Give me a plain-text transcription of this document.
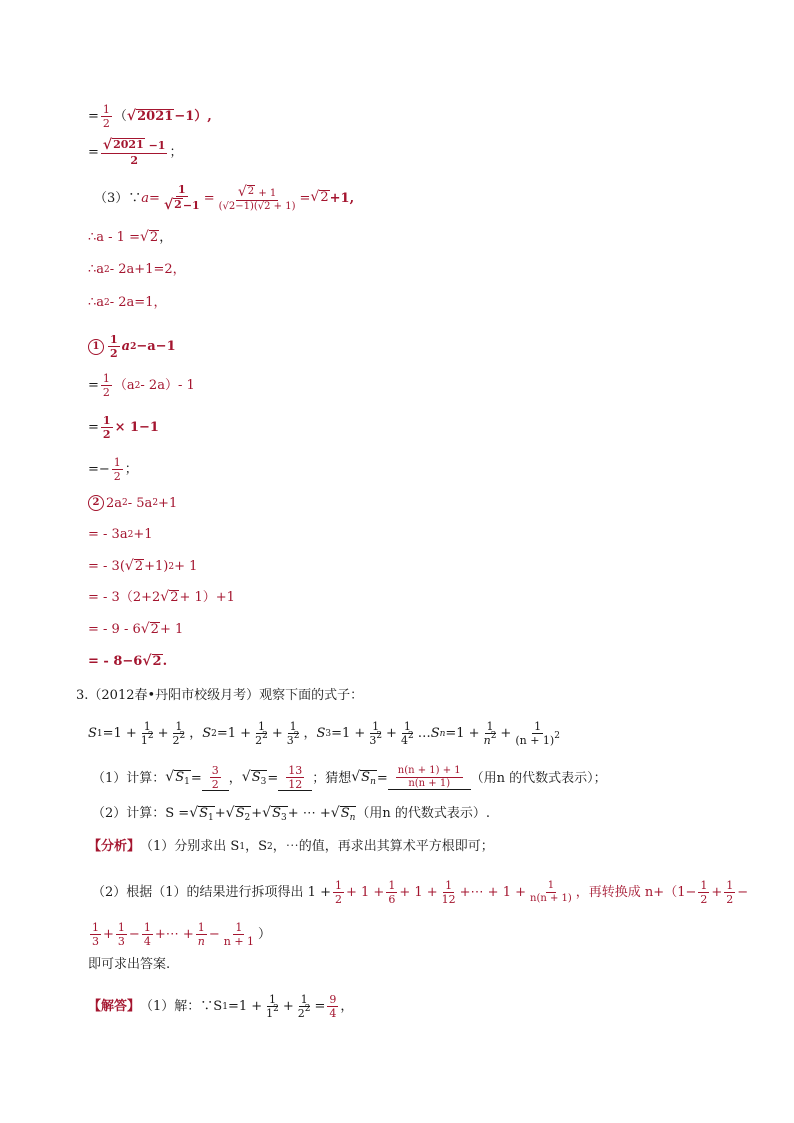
= $\frac{1}{2}$ （ √ 2021 −1）,
= $\frac{√ 2021 -1}{2}$ ；
（3）∵ $a = \frac{1}{√ 2 -1} = \frac{√ 2 + 1}{(√2-1)(√2 + 1)}$ = √ 2 +1,
∴a - 1 = √ 2 ，
∴a 2 - 2a+1=2，
∴a 2 - 2a=1，
$1 \frac{1}{2}$ a 2 −a−1
= $\frac{1}{2} (a$ 2 - 2a）- 1
= $\frac{1}{2} \times 1-1$
=− $\frac{1}{2}$ ；
2 2a 2 - 5a 2 +1
= - 3a 2 +1
= - 3( √ 2 +1) 2 + 1
= - 3（2+2 √ 2 + 1）+1
= - 9 - 6 √ 2 + 1
= - 8−6 √ 2 .
3.（2012春•丹阳市校级月考）观察下面的式子：
S $1 =1 + \frac{1}{1^2} + \frac{1}{2^2}$ ， S $2 =1 + \frac{1}{2^2} + \frac{1}{3^2}$ ， S $3 =1 + \frac{1}{3^2} + \frac{1}{4^2}$ … S $n =1 + \frac{1}{n^2} + \frac{1}{(n + 1)^2}$
（1）计算： √ $S_1 = \frac{3}{2}$ ， √ $S_3 = \frac{13}{12}$ ；猜想 √ $S_n = \frac{n(n + 1) + 1}{n(n + 1)}$ （用n 的代数式表示）；
（2）计算：S = √ $S_1$ + √ $S_2$ + √ $S_3$ + ⋯ + √ $S_n$ （用n 的代数式表示）.
【分析】 （1）分别求出 S 1 ，S 2 ，⋯的值，再求出其算术平方根即可；
（2）根据（1）的结果进行拆项得出 $1 + \frac{1}{2} + 1 + \frac{1}{6} + 1 + \frac{1}{12}$ +⋯ + $1 + \frac{1}{n(n + 1)}$ ，再转换成 $n+(1- \frac{1}{2} + \frac{1}{2}$ −
$\frac{1}{3} + \frac{1}{3} - \frac{1}{4}$ +⋯ + $\frac{1}{n} - \frac{1}{n + 1}$ ）
即可求出答案.
【解答】 （1）解：∵S $1 =1 + \frac{1}{1^2} + \frac{1}{2^2} = \frac{9}{4}$ ，
